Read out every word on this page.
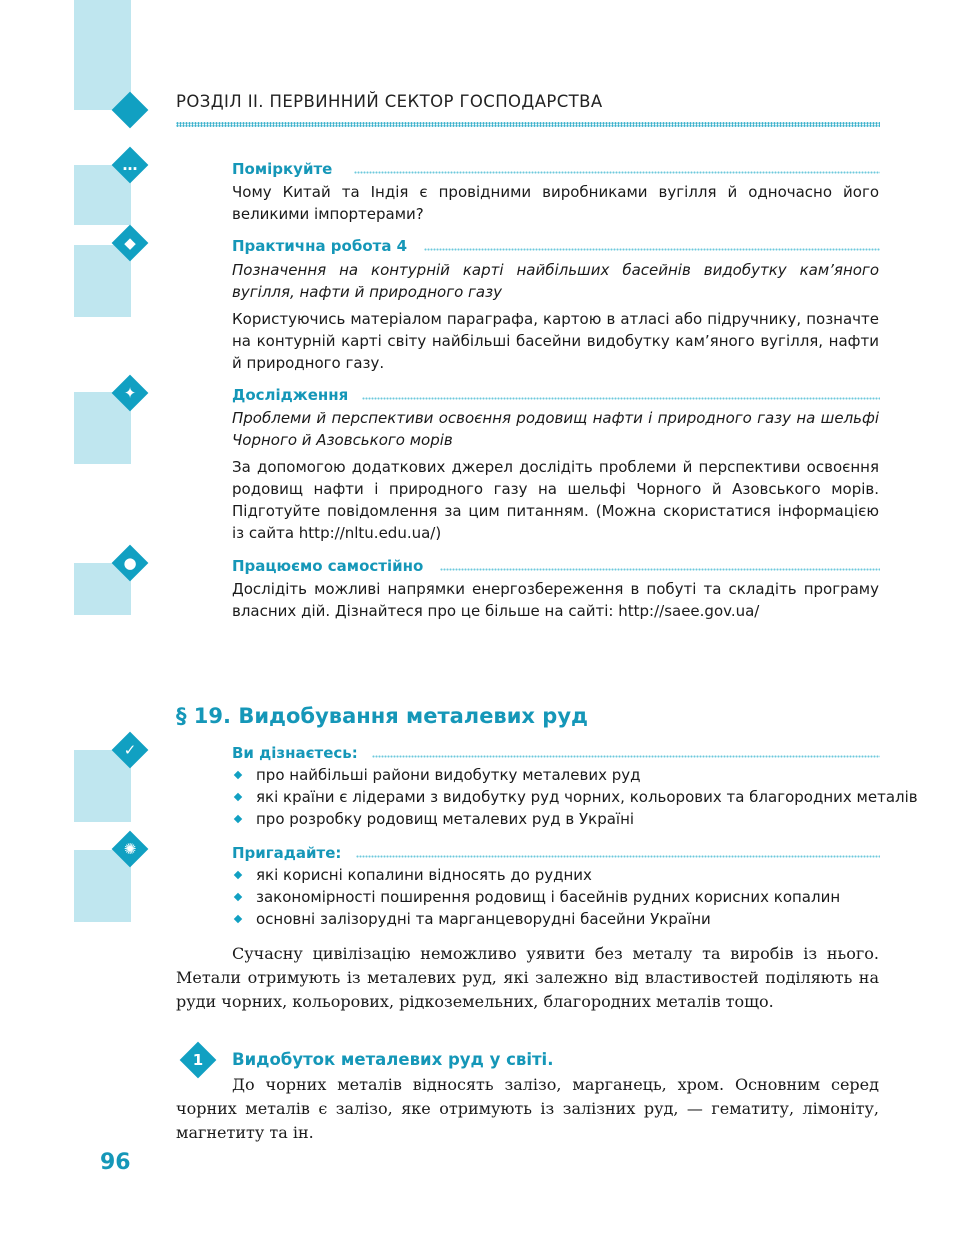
РОЗДІЛ ІІ. ПЕРВИННИЙ СЕКТОР ГОСПОДАРСТВА
…	Поміркуйте
Чому Китай та Індія є провідними виробниками вугілля й одночасно його великими імпортерами?
◆	Практична робота 4
Позначення на контурній карті найбільших басейнів видобутку кам’яного вугілля, нафти й природного газу
Користуючись матеріалом параграфа, картою в атласі або підручнику, позначте на контурній карті світу найбільші басейни видобутку кам’яного вугілля, нафти й природного газу.
✦	Дослідження
Проблеми й перспективи освоєння родовищ нафти і природного газу на шельфі Чорного й Азовського морів
За допомогою додаткових джерел дослідіть проблеми й перспективи освоєння родовищ нафти і природного газу на шельфі Чорного й Азовського морів. Підготуйте повідомлення за цим питанням. (Можна скористатися інформацією із сайта http://nltu.edu.ua/)
●	Працюємо самостійно
Дослідіть можливі напрямки енергозбереження в побуті та складіть програму власних дій. Дізнайтеся про це більше на сайті: http://saee.gov.ua/
§ 19. Видобування металевих руд
✓	Ви дізнаєтесь:
про найбільші райони видобутку металевих руд
які країни є лідерами з видобутку руд чорних, кольорових та благородних металів
про розробку родовищ металевих руд в Україні
✺	Пригадайте:
які корисні копалини відносять до рудних
закономірності поширення родовищ і басейнів рудних корисних копалин
основні залізорудні та марганцеворудні басейни України
Сучасну цивілізацію неможливо уявити без металу та виробів із нього. Метали отримують із металевих руд, які залежно від властивостей поділяють на руди чорних, кольорових, рідкоземельних, благородних металів тощо.
1	Видобуток металевих руд у світі.
До чорних металів відносять залізо, марганець, хром. Основним серед чорних металів є залізо, яке отримують із залізних руд, — гематиту, лімоніту, магнетиту та ін.
96
